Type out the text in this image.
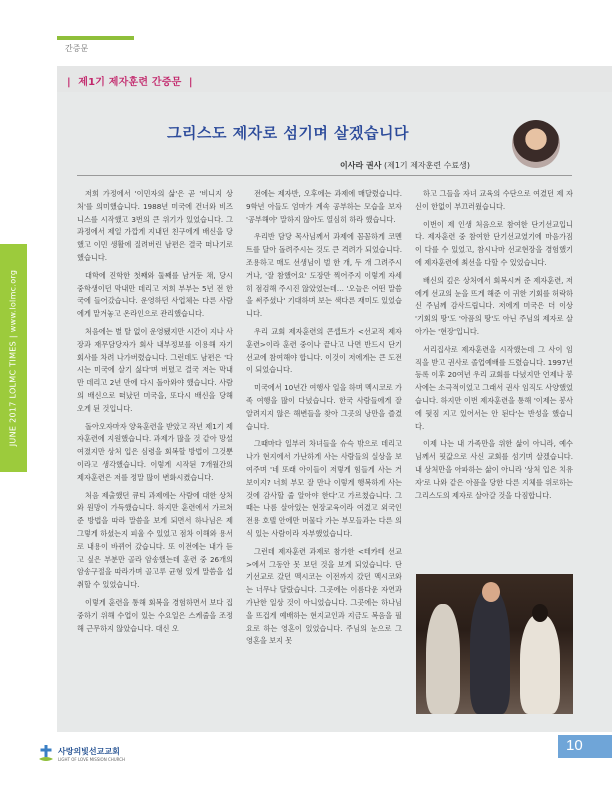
간증문
JUNE 2017 LOLMC TIMES | www.lolmc.org
|  제1기 제자훈련 간증문  |
그리스도 제자로 섬기며 살겠습니다
이사라 권사 (제1기 제자훈련 수료생)

저희 가정에서 '이민자의 삶'은 곧 '비니지 상처'를 의미했습니다. 1988년 미국에 건너와 비즈니스를 시작했고 3번의 큰 위기가 있었습니다. 그 과정에서 제일 가깝게 지내던 친구에게 배신을 당했고 이민 생활에 질려버린 남편은 결국 떠나기로 했습니다.

대학에 진학한 첫째와 둘째를 남겨둔 채, 당시 중학생이던 막내만 데리고 저희 부부는 5년 전 한국에 들어갔습니다. 운영하던 사업체는 다른 사람에게 맡겨놓고 온라인으로 관리했습니다.

처음에는 별 탈 없이 운영됐지만 시간이 지나 사장과 재무담당자가 회사 내부정보를 이용해 자기 회사를 차려 나가버렸습니다. 그런데도 남편은 '다시는 미국에 살기 싫다'며 버텼고 결국 저는 막내만 데리고 2년 만에 다시 돌아와야 했습니다. 사람의 배신으로 떠났던 미국을, 또다시 배신을 당해 오게 된 것입니다.

돌아오자마자 양육훈련을 받았고 작년 제1기 제자훈련에 지원했습니다. 과제가 많을 것 같아 망설여졌지만 상처 입은 심령을 회복할 방법이 그것뿐이라고 생각했습니다. 이렇게 시작된 7개월간의 제자훈련은 저를 정말 많이 변화시켰습니다.

처음 제출했던 큐티 과제에는 사람에 대한 상처와 원망이 가득했습니다. 하지만 훈련에서 가르쳐 준 방법을 따라 말씀을 보게 되면서 하나님은 제 그렇게 하셨는지 피울 수 있었고 점차 이해와 용서로 내용이 바뀌어 갔습니다. 또 이전에는 내가 듣고 싶은 부분만 골라 암송했는데 훈련 중 26개의 암송구절을 따라가며 골고루 균형 있게 말씀을 섭취할 수 있었습니다.

이렇게 훈련을 통해 회복을 경험하면서 보다 집중하기 위해 수업이 있는 수요일은 스케줄을 조정해 근무하지 않았습니다. 대신 오

전에는 제자반, 오후에는 과제에 매달렸습니다. 9학년 아들도 엄마가 계속 공부하는 모습을 보자 '공부해야' 말하지 않아도 열심히 하라 했습니다.

우리반 담당 목사님께서 과제에 꼼꼼하게 코멘트를 달아 돌려주시는 것도 큰 격려가 되었습니다. 조용하고 매도 선생님이 벌 한 개, 두 개 그려주시거나, '잘 참했어요' 도장만 찍어주지 이렇게 자세히 점검해 주시진 않았었는데… '오늘은 어떤 말씀을 써주셨나' 기대하며 보는 색다른 재미도 있었습니다.

우리 교회 제자훈련의 콘셉트가 <선교적 제자훈련>이라 훈련 중이나 끝나고 나면 반드시 단기선교에 참여해야 합니다. 이것이 저에게는 큰 도전이 되었습니다.

미국에서 10년간 여행사 일을 하며 멕시코로 가족 여행을 많이 다녔습니다. 한국 사람들에게 잘 알려지지 않은 해변들을 찾아 그곳의 낭만을 즐겼습니다.

그때마다 일부러 차녀들을 슈슥 밖으로 데리고 나가 현지에서 가난하게 사는 사람들의 실상을 보여주며 '네 또래 아이들이 저렇게 힘들게 사는 거 보이지? 너희 부모 잘 만나 이렇게 행복하게 사는 것에 감사할 줄 알아야 한다'고 가르쳤습니다. 그때는 나름 살아있는 현장교육이라 여겼고 외국인 전용 호텔 안에만 머물다 가는 부모들과는 다른 의식 있는 사람이라 자부했었습니다.

그런데 제자훈련 과제로 참가한 <테카테 선교>에서 그동안 못 보던 것을 보게 되었습니다. 단기선교로 갔던 멕시코는 이전까지 갔던 멕시코와는 너무나 달랐습니다. 그곳에는 이름다운 자연과 가난한 일상 것이 아니었습니다. 그곳에는 하나님을 뜨겁게 예배하는 현지교인과 지금도 복음을 필요로 하는 영혼이 있었습니다. 주님의 눈으로 그 영혼을 보지 못

하고 그들을 자녀 교육의 수단으로 여겼던 제 자신이 한없이 부끄러웠습니다.

이번이 제 인생 처음으로 참여한 단기선교입니다. 제자훈련 중 참여한 단기선교였기에 마음가짐이 다를 수 있었고, 참시나마 선교현장을 경험했기에 제자훈련에 최선을 다할 수 있었습니다.

배신의 깊은 상처에서 회복시켜 준 제자훈련, 저에게 선교의 눈을 뜨게 해준 이 귀한 기회를 허락하신 주님께 감사드립니다. 저에게 미국은 더 이상 '기회의 땅'도 '아픔의 땅'도 아닌 주님의 제자로 살아가는 '현장'입니다.

서리집사로 제자훈련을 시작했는데 그 사이 임직을 받고 권사로 졸업예배를 드렸습니다. 1997년 등록 이후 20여년 우리 교회를 다녔지만 언제나 봉사에는 소극적이었고 그래서 권사 임직도 사양했었습니다. 하지만 이번 제자훈련을 통해 '이제는 봉사에 뒷짐 지고 있어서는 안 된다'는 반성을 했습니다.

이제 나는 내 가족만을 위한 삶이 아니라, 예수님께서 핏값으로 사신 교회를 섬기며 살겠습니다. 내 상처만을 아파하는 삶이 아니라 '상처 입은 치유자'로 나와 같은 아픔을 당한 다른 지체를 위로하는 그리스도의 제자로 살아갈 것을 다짐합니다.

사랑의빛선교교회
LIGHT OF LOVE MISSION CHURCH
10
